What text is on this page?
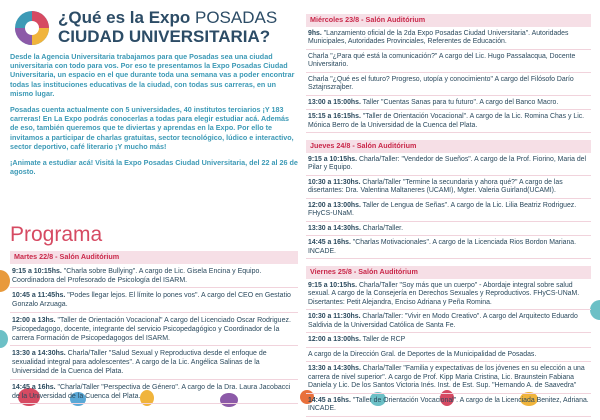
¿Qué es la Expo POSADAS
CIUDAD UNIVERSITARIA?

Desde la Agencia Universitaria trabajamos para que Posadas sea una ciudad universitaria con todo para vos. Por eso te presentamos la Expo Posadas Ciudad Universitaria, un espacio en el que durante toda una semana vas a poder encontrar todas las instituciones educativas de la ciudad, con todas sus carreras, en un mismo lugar.

Posadas cuenta actualmente con 5 universidades, 40 institutos terciarios ¡Y 183 carreras! En La Expo podrás conocerlas a todas para elegir estudiar acá. Además de eso, también queremos que te diviertas y aprendas en la Expo. Por ello te invitamos a participar de charlas gratuitas, sector tecnológico, lúdico e interactivo, sector deportivo, café literario ¡Y mucho más!

¡Animate a estudiar acá! Visitá la Expo Posadas Ciudad Universitaria, del 22 al 26 de agosto.

Programa
Martes 22/8 - Salón Auditórium
9:15 a 10:15hs. "Charla sobre Bullying". A cargo de Lic. Gisela Encina y Equipo. Coordinadora del Profesorado de Psicología del ISARM.
10:45 a 11:45hs. "Podes llegar lejos. El límite lo pones vos". A cargo del CEO en Gestatio Gonzalo Arzuaga.
12:00 a 13hs. "Taller de Orientación Vocacional" A cargo del Licenciado Oscar Rodriguez. Psicopedagogo, docente, integrante del servicio Psicopedagógico y Coordinador de la carrera Formación de Psicopedagogos del ISARM.
13:30 a 14:30hs. Charla/Taller "Salud Sexual y Reproductiva desde el enfoque de sexualidad integral para adolescentes". A cargo de la Lic. Angélica Salinas de la Universidad de la Cuenca del Plata.
14:45 a 16hs. "Charla/Taller "Perspectiva de Género". A cargo de la Dra. Laura Jacobacci de la Universidad de la Cuenca del Plata.
Miércoles 23/8 - Salón Auditórium
9hs. "Lanzamiento oficial de la 2da Expo Posadas Ciudad Universitaria". Autoridades Municipales, Autoridades Provinciales, Referentes de Educación.
Charla "¿Para qué está la comunicación?" A cargo del Lic. Hugo Passalacqua, Docente Universitario.
Charla "¿Qué es el futuro? Progreso, utopía y conocimiento" A cargo del Filósofo Darío Sztajnszrajber.
13:00 a 15:00hs. Taller "Cuentas Sanas para tu futuro". A cargo del Banco Macro.
15:15 a 16:15hs. "Taller de Orientación Vocacional". A cargo de la Lic. Romina Chas y Lic. Mónica Berro de la Universidad de la Cuenca del Plata.
Jueves 24/8 - Salón Auditórium
9:15 a 10:15hs. Charla/Taller: "Vendedor de Sueños". A cargo de la Prof. Fiorino, Maria del Pilar y Equipo.
10:30 a 11:30hs. Charla/Taller "Termine la secundaria y ahora qué?" A cargo de las disertantes: Dra. Valentina Maltaneres (UCAMI), Mgter. Valeria Guirland(UCAMI).
12:00 a 13:00hs. Taller de Lengua de Señas". A cargo de la Lic. Lilia Beatriz Rodriguez. FHyCS-UNaM.
13:30 a 14:30hs. Charla/Taller.
14:45 a 16hs. "Charlas Motivacionales". A cargo de la Licenciada Rios Bordon Mariana. INCADE.
Viernes 25/8 - Salón Auditórium
9:15 a 10:15hs. Charla/Taller "Soy más que un cuerpo" - Abordaje integral sobre salud sexual. A cargo de la Consejería en Derechos Sexuales y Reproductivos. FHyCS-UNaM. Disertantes: Petit Alejandra, Enciso Adriana y Peña Romina.
10:30 a 11:30hs. Charla/Taller: "Vivir en Modo Creativo". A cargo del Arquitecto Eduardo Saldivia de la Universidad Católica de Santa Fe.
12:00 a 13:00hs. Taller de RCP
A cargo de la Dirección Gral. de Deportes de la Municipalidad de Posadas.
13:30 a 14:30hs. Charla/Taller "Familia y expectativas de los jóvenes en su elección a una carrera de nivel superior". A cargo de Prof. Kipp Maria Cristina, Lic. Braunstein Fabiana Daniela y Lic. De los Santos Victoria Inés. Inst. de Est. Sup. "Hernando A. de Saavedra"
14:45 a 16hs. "Taller de Orientación Vocacional". A cargo de la Licenciada Benitez, Adriana. INCADE.
